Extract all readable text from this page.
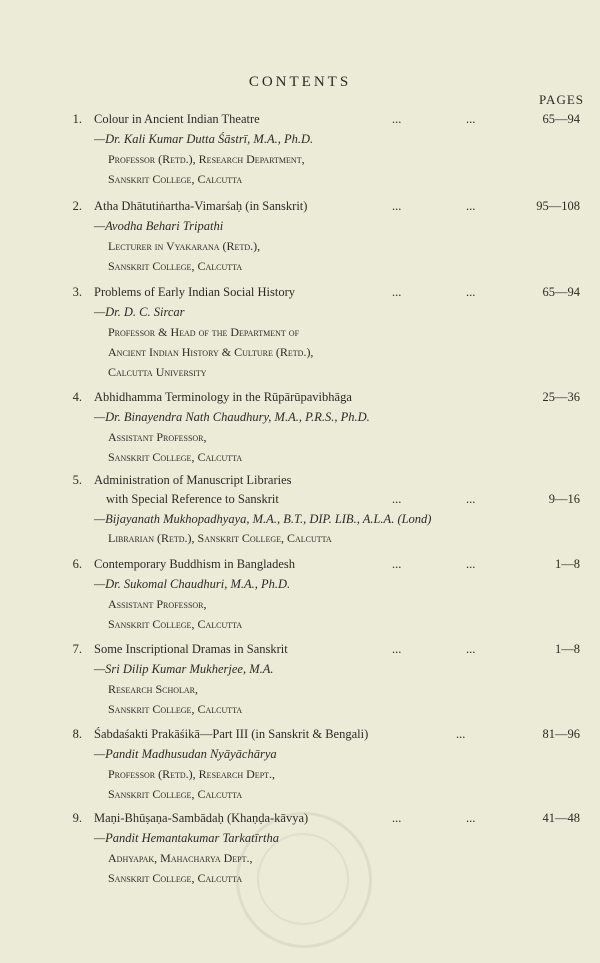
CONTENTS
PAGES
1. Colour in Ancient Indian Theatre	...	...	65—94
—Dr. Kali Kumar Dutta Śāstrī, M.A., Ph.D.
Professor (Retd.), Research Department,
Sanskrit College, Calcutta
2. Atha Dhātutiṅartha-Vimarśaḥ (in Sanskrit)	...	...	95—108
—Avodha Behari Tripathi
Lecturer in Vyakarana (Retd.),
Sanskrit College, Calcutta
3. Problems of Early Indian Social History	...	...	65—94
—Dr. D. C. Sircar
Professor & Head of the Department of
Ancient Indian History & Culture (Retd.),
Calcutta University
4. Abhidhamma Terminology in the Rūpārūpavibhāga	25—36
—Dr. Binayendra Nath Chaudhury, M.A., P.R.S., Ph.D.
Assistant Professor,
Sanskrit College, Calcutta
5. Administration of Manuscript Libraries
with Special Reference to Sanskrit	...	...	9—16
—Bijayanath Mukhopadhyaya, M.A., B.T., DIP. LIB., A.L.A. (Lond)
Librarian (Retd.), Sanskrit College, Calcutta
6. Contemporary Buddhism in Bangladesh	...	...	1—8
—Dr. Sukomal Chaudhuri, M.A., Ph.D.
Assistant Professor,
Sanskrit College, Calcutta
7. Some Inscriptional Dramas in Sanskrit	...	...	1—8
—Sri Dilip Kumar Mukherjee, M.A.
Research Scholar,
Sanskrit College, Calcutta
8. Śabdaśakti Prakāśikā—Part III (in Sanskrit & Bengali)	...	81—96
—Pandit Madhusudan Nyāyāchārya
Professor (Retd.), Research Dept.,
Sanskrit College, Calcutta
9. Maṇi-Bhūṣaṇa-Sambādaḥ (Khaṇḍa-kāvya)	...	...	41—48
—Pandit Hemantakumar Tarkatīrtha
Adhyapak, Mahacharya Dept.,
Sanskrit College, Calcutta
